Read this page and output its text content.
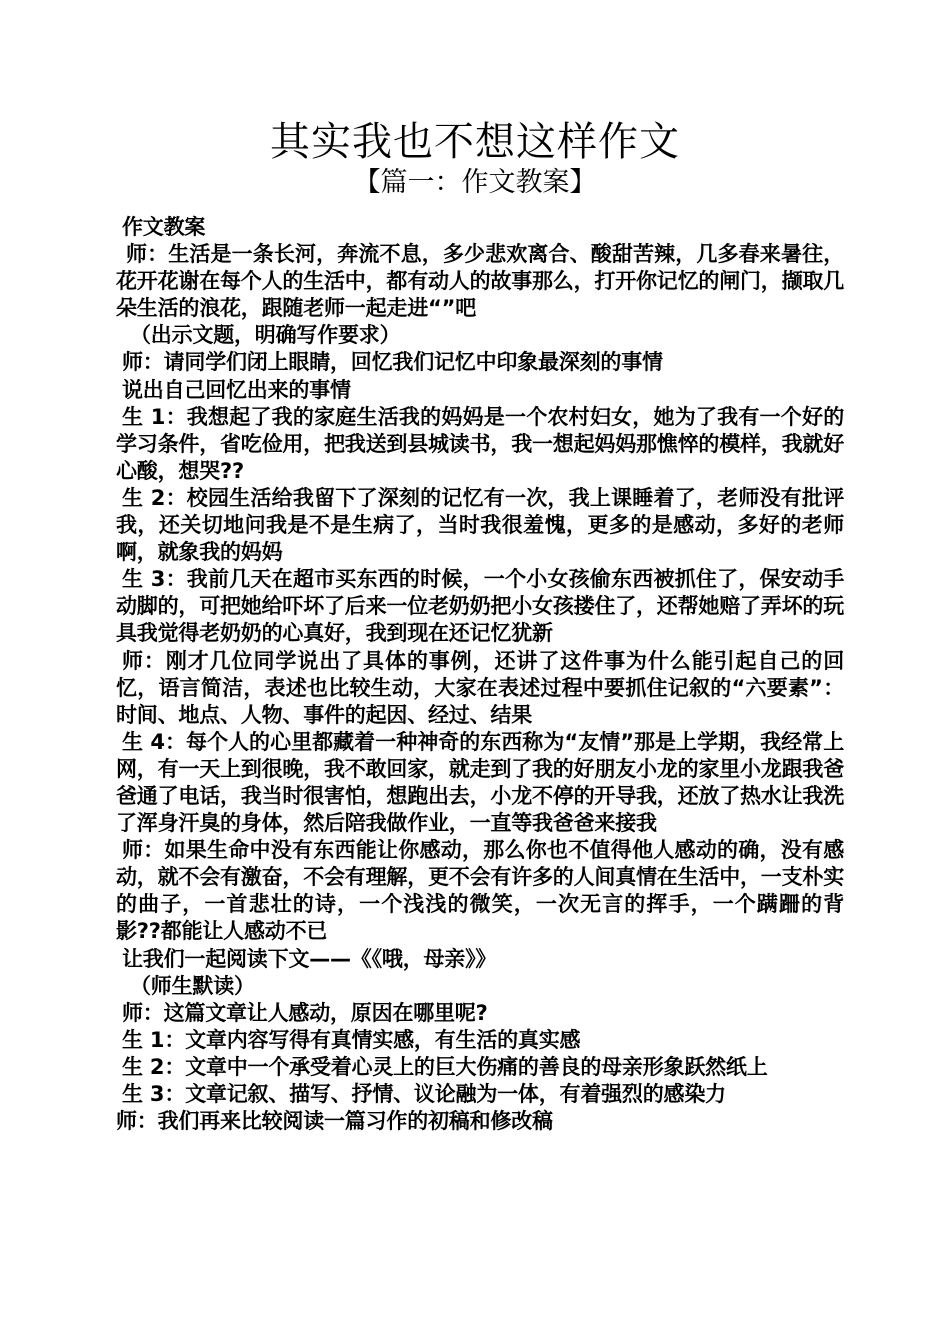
其实我也不想这样作文
【篇一：作文教案】

作文教案

师：生活是一条长河，奔流不息，多少悲欢离合、酸甜苦辣，几多春来暑往，花开花谢在每个人的生活中，都有动人的故事那么，打开你记忆的闸门，撷取几朵生活的浪花，跟随老师一起走进“”吧

（出示文题，明确写作要求）

师：请同学们闭上眼睛，回忆我们记忆中印象最深刻的事情

说出自己回忆出来的事情

生 1：我想起了我的家庭生活我的妈妈是一个农村妇女，她为了我有一个好的学习条件，省吃俭用，把我送到县城读书，我一想起妈妈那憔悴的模样，我就好心酸，想哭??

生 2：校园生活给我留下了深刻的记忆有一次，我上课睡着了，老师没有批评我，还关切地问我是不是生病了，当时我很羞愧，更多的是感动，多好的老师啊，就象我的妈妈

生 3：我前几天在超市买东西的时候，一个小女孩偷东西被抓住了，保安动手动脚的，可把她给吓坏了后来一位老奶奶把小女孩搂住了，还帮她赔了弄坏的玩具我觉得老奶奶的心真好，我到现在还记忆犹新

师：刚才几位同学说出了具体的事例，还讲了这件事为什么能引起自己的回忆，语言简洁，表述也比较生动，大家在表述过程中要抓住记叙的“六要素”：时间、地点、人物、事件的起因、经过、结果

生 4：每个人的心里都藏着一种神奇的东西称为“友情”那是上学期，我经常上网，有一天上到很晚，我不敢回家，就走到了我的好朋友小龙的家里小龙跟我爸爸通了电话，我当时很害怕，想跑出去，小龙不停的开导我，还放了热水让我洗了浑身汗臭的身体，然后陪我做作业，一直等我爸爸来接我

师：如果生命中没有东西能让你感动，那么你也不值得他人感动的确，没有感动，就不会有激奋，不会有理解，更不会有许多的人间真情在生活中，一支朴实的曲子，一首悲壮的诗，一个浅浅的微笑，一次无言的挥手，一个蹒跚的背影??都能让人感动不已

让我们一起阅读下文——《《哦，母亲》》

（师生默读）

师：这篇文章让人感动，原因在哪里呢?

生 1：文章内容写得有真情实感，有生活的真实感

生 2：文章中一个承受着心灵上的巨大伤痛的善良的母亲形象跃然纸上

生 3：文章记叙、描写、抒情、议论融为一体，有着强烈的感染力

师：我们再来比较阅读一篇习作的初稿和修改稿
